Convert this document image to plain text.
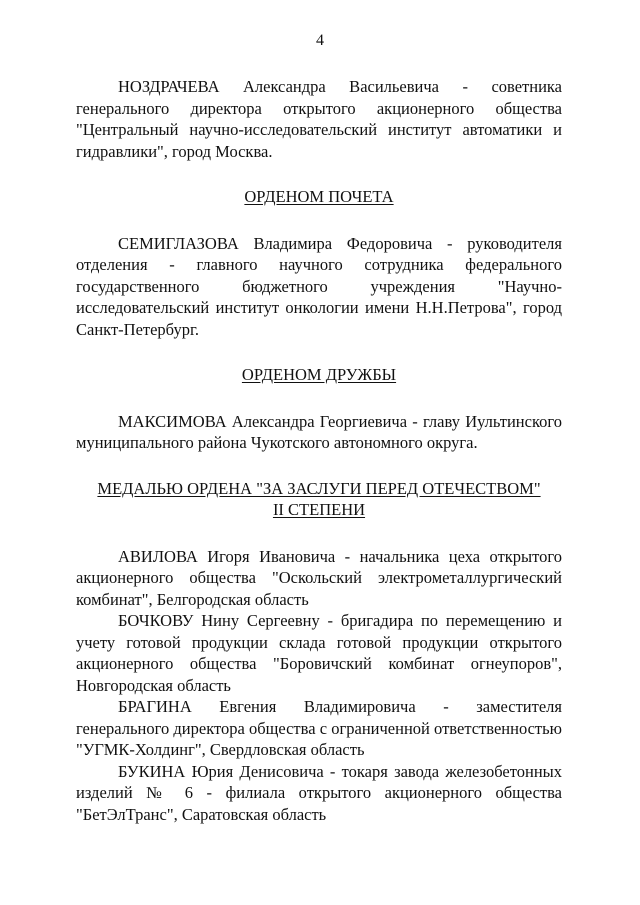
4

НОЗДРАЧЕВА Александра Васильевича - советника генерального директора открытого акционерного общества "Центральный научно-исследовательский институт автоматики и гидравлики", город Москва.

ОРДЕНОМ ПОЧЕТА

СЕМИГЛАЗОВА Владимира Федоровича - руководителя отделения - главного научного сотрудника федерального государственного бюджетного учреждения "Научно-исследовательский институт онкологии имени Н.Н.Петрова", город Санкт-Петербург.

ОРДЕНОМ ДРУЖБЫ

МАКСИМОВА Александра Георгиевича - главу Иультинского муниципального района Чукотского автономного округа.

МЕДАЛЬЮ ОРДЕНА "ЗА ЗАСЛУГИ ПЕРЕД ОТЕЧЕСТВОМ"
II СТЕПЕНИ

АВИЛОВА Игоря Ивановича - начальника цеха открытого акционерного общества "Оскольский электрометаллургический комбинат", Белгородская область

БОЧКОВУ Нину Сергеевну - бригадира по перемещению и учету готовой продукции склада готовой продукции открытого акционерного общества "Боровичский комбинат огнеупоров", Новгородская область

БРАГИНА Евгения Владимировича - заместителя генерального директора общества с ограниченной ответственностью "УГМК-Холдинг", Свердловская область

БУКИНА Юрия Денисовича - токаря завода железобетонных изделий № 6 - филиала открытого акционерного общества "БетЭлТранс", Саратовская область
